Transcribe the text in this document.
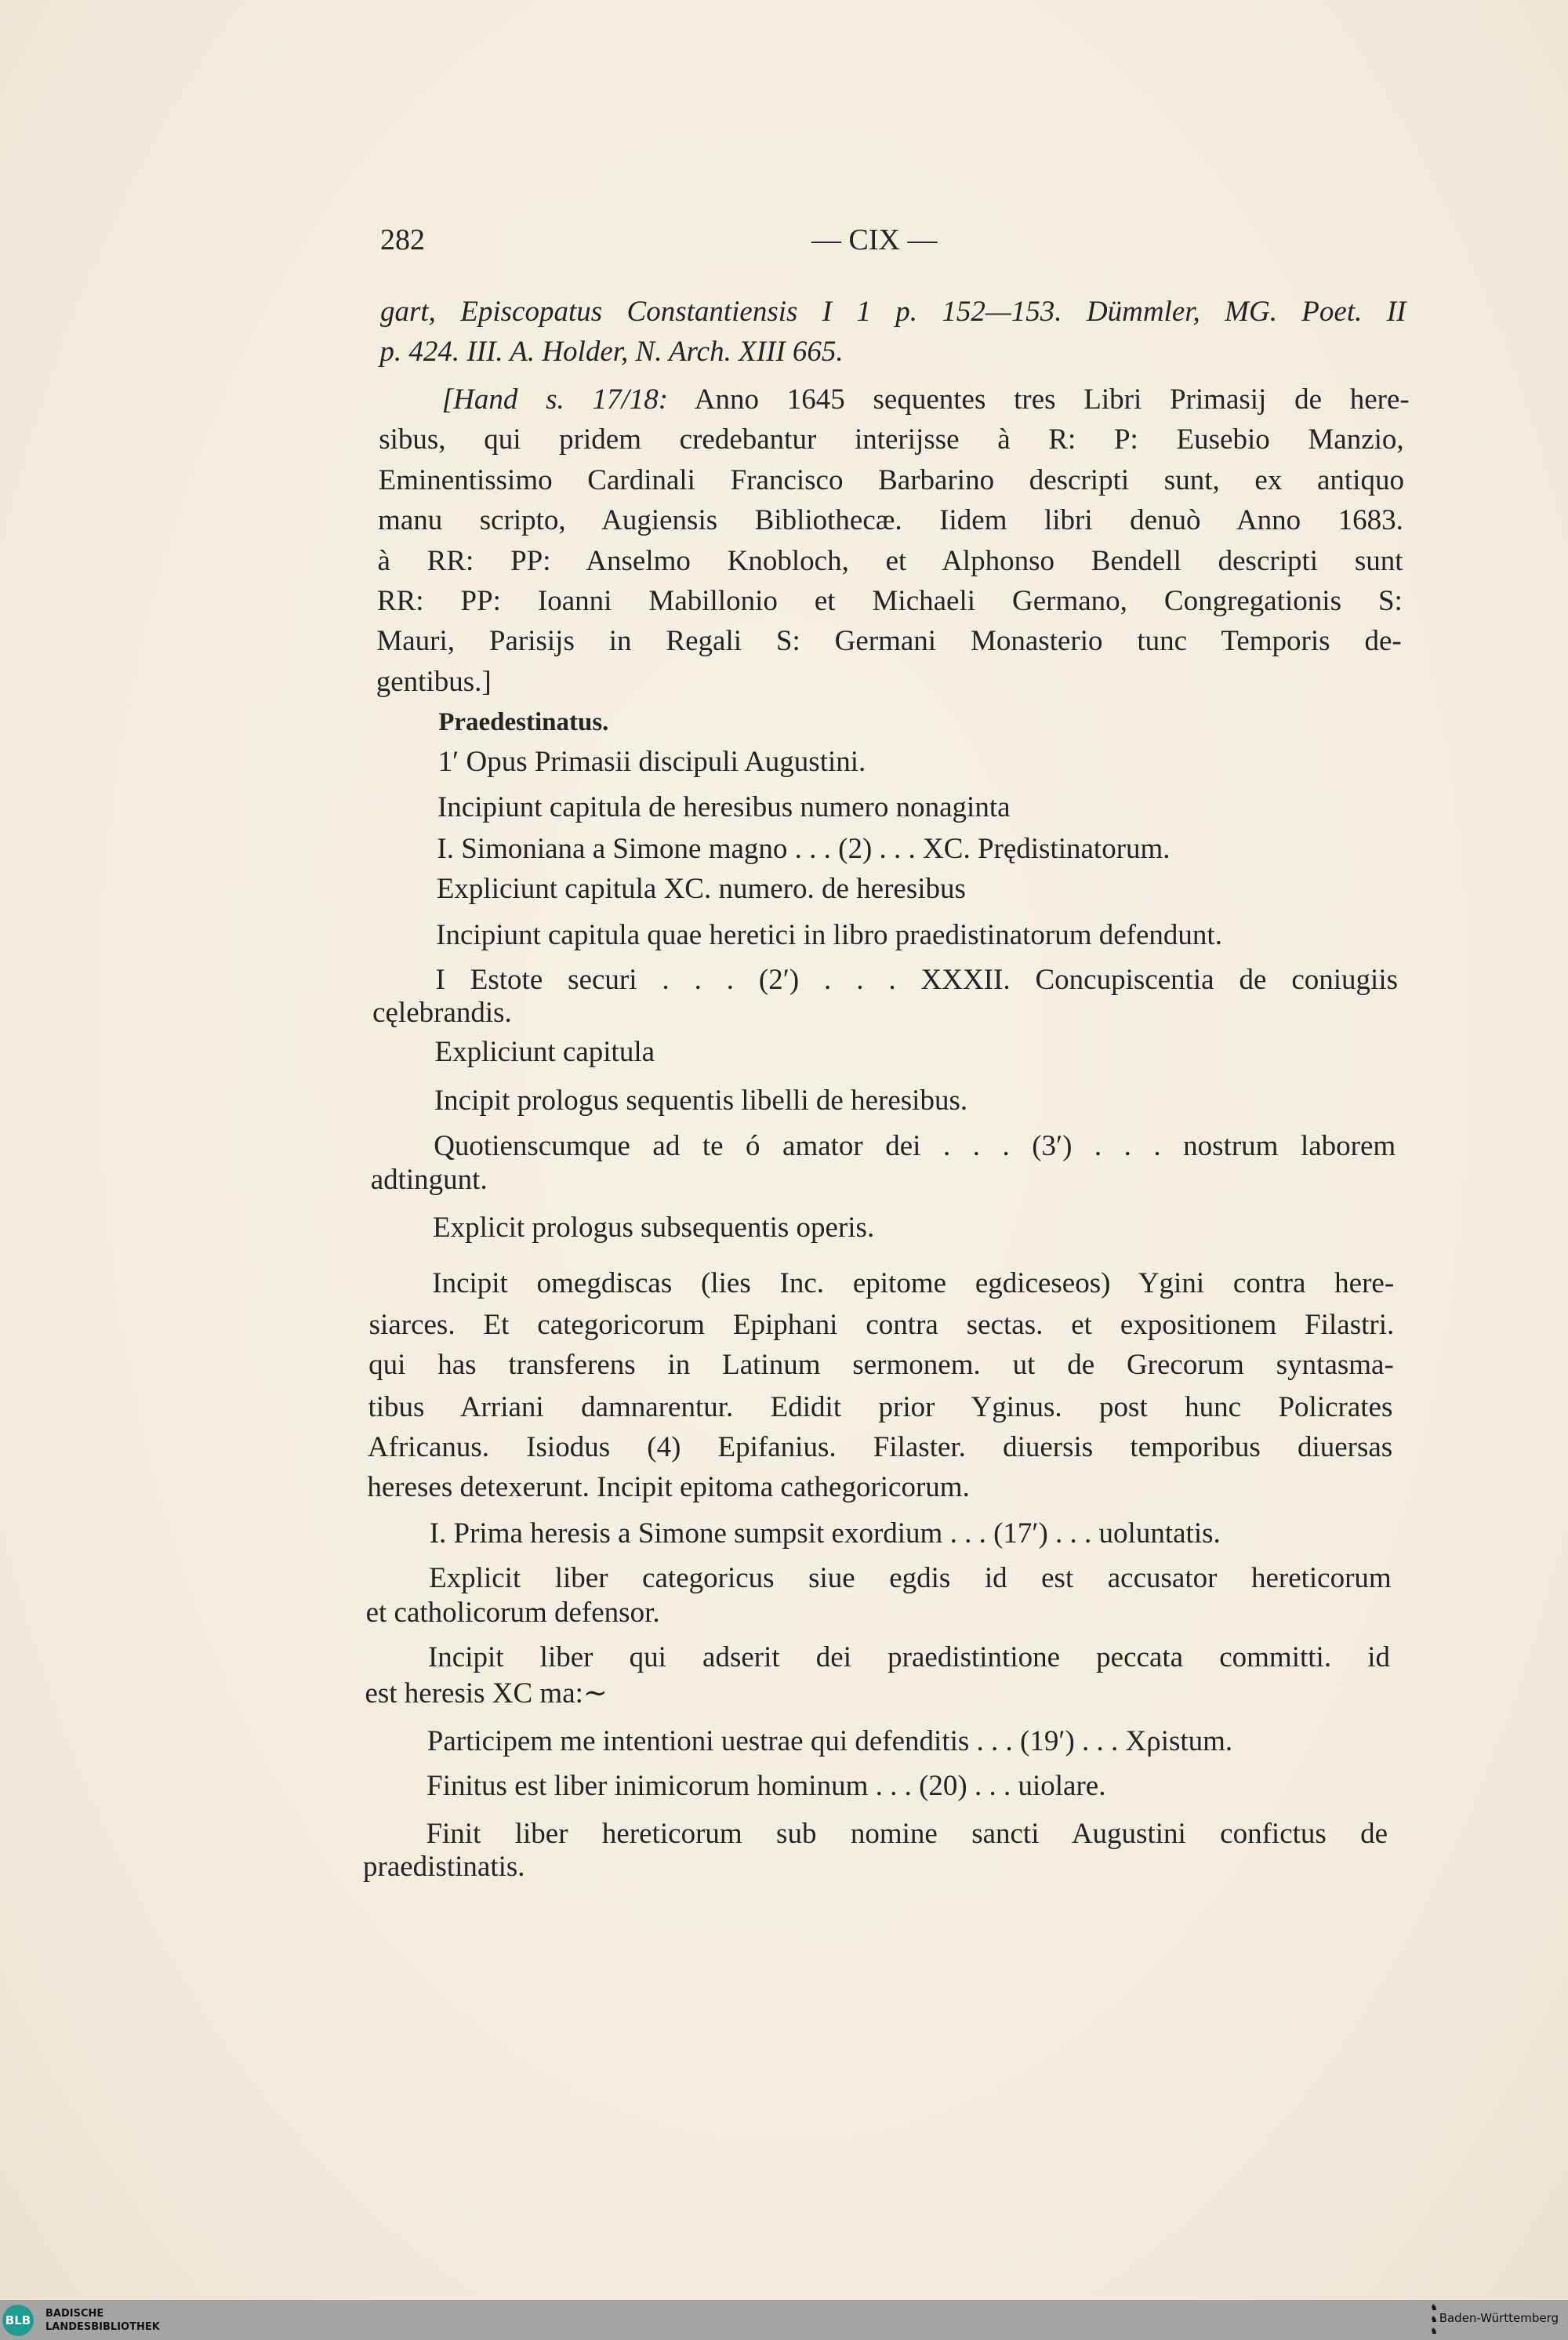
282	— CIX —
gart, Episcopatus Constantiensis I 1 p. 152—153. Dümmler, MG. Poet. II
p. 424. III. A. Holder, N. Arch. XIII 665.
[Hand s. 17/18: Anno 1645 sequentes tres Libri Primasij de here-
sibus, qui pridem credebantur interijsse à R: P: Eusebio Manzio,
Eminentissimo Cardinali Francisco Barbarino descripti sunt, ex antiquo
manu scripto, Augiensis Bibliothecæ. Iidem libri denuò Anno 1683.
à RR: PP: Anselmo Knobloch, et Alphonso Bendell descripti sunt
RR: PP: Ioanni Mabillonio et Michaeli Germano, Congregationis S:
Mauri, Parisijs in Regali S: Germani Monasterio tunc Temporis de-
gentibus.]
Praedestinatus.
1′ Opus Primasii discipuli Augustini.
Incipiunt capitula de heresibus numero nonaginta
I. Simoniana a Simone magno . . . (2) . . . XC. Prędistinatorum.
Expliciunt capitula XC. numero. de heresibus
Incipiunt capitula quae heretici in libro praedistinatorum defendunt.
I Estote securi . . . (2′) . . . XXXII. Concupiscentia de coniugiis
cęlebrandis.
Expliciunt capitula
Incipit prologus sequentis libelli de heresibus.
Quotienscumque ad te ó amator dei . . . (3′) . . . nostrum laborem
adtingunt.
Explicit prologus subsequentis operis.
Incipit omegdiscas (lies Inc. epitome egdiceseos) Ygini contra here-
siarces. Et categoricorum Epiphani contra sectas. et expositionem Filastri.
qui has transferens in Latinum sermonem. ut de Grecorum syntasma-
tibus Arriani damnarentur. Edidit prior Yginus. post hunc Policrates
Africanus. Isiodus (4) Epifanius. Filaster. diuersis temporibus diuersas
hereses detexerunt. Incipit epitoma cathegoricorum.
I. Prima heresis a Simone sumpsit exordium . . . (17′) . . . uoluntatis.
Explicit liber categoricus siue egdis id est accusator hereticorum
et catholicorum defensor.
Incipit liber qui adserit dei praedistintione peccata committi. id
est heresis XC ma:∼
Participem me intentioni uestrae qui defenditis . . . (19′) . . . Xρistum.
Finitus est liber inimicorum hominum . . . (20) . . . uiolare.
Finit liber hereticorum sub nomine sancti Augustini confictus de
praedistinatis.
BLB BADISCHE
LANDESBIBLIOTHEK
♞
♞
♞
Baden-Württemberg
